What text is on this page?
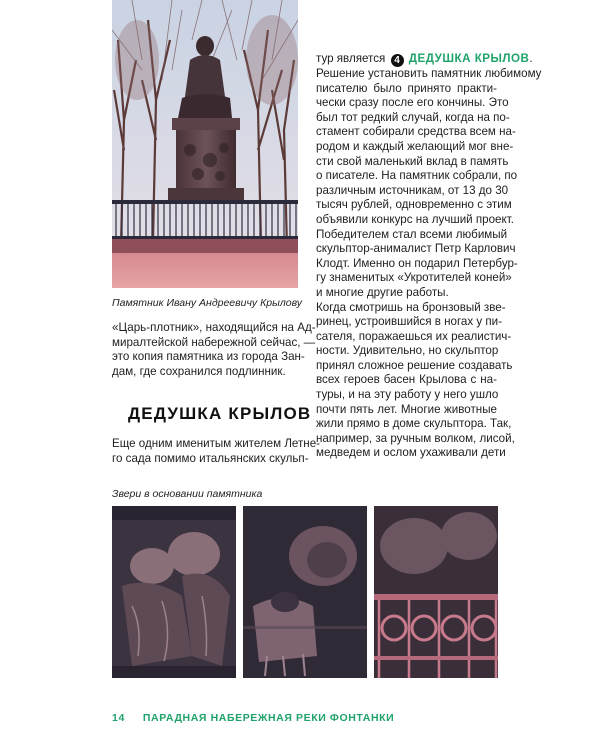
Памятник Ивану Андреевичу Крылову

«Царь-плотник», находящийся на Ад-
миралтейской набережной сейчас, —
это копия памятника из города Зан-
дам, где сохранился подлинник.

ДЕДУШКА КРЫЛОВ

Еще одним именитым жителем Летне-
го сада помимо итальянских скульп-

тур является 4 ДЕДУШКА КРЫЛОВ.
Решение установить памятник любимому
писателю было принято практи-
чески сразу после его кончины. Это
был тот редкий случай, когда на по-
стамент собирали средства всем на-
родом и каждый желающий мог вне-
сти свой маленький вклад в память
о писателе. На памятник собрали, по
различным источникам, от 13 до 30
тысяч рублей, одновременно с этим
объявили конкурс на лучший проект.
Победителем стал всеми любимый
скульптор-анималист Петр Карлович
Клодт. Именно он подарил Петербур-
гу знаменитых «Укротителей коней»
и многие другие работы.
Когда смотришь на бронзовый зве-
ринец, устроившийся в ногах у пи-
сателя, поражаешься их реалистич-
ности. Удивительно, но скульптор
принял сложное решение создавать
всех героев басен Крылова с на-
туры, и на эту работу у него ушло
почти пять лет. Многие животные
жили прямо в доме скульптора. Так,
например, за ручным волком, лисой,
медведем и ослом ухаживали дети
Звери в основании памятника
14 ПАРАДНАЯ НАБЕРЕЖНАЯ РЕКИ ФОНТАНКИ
